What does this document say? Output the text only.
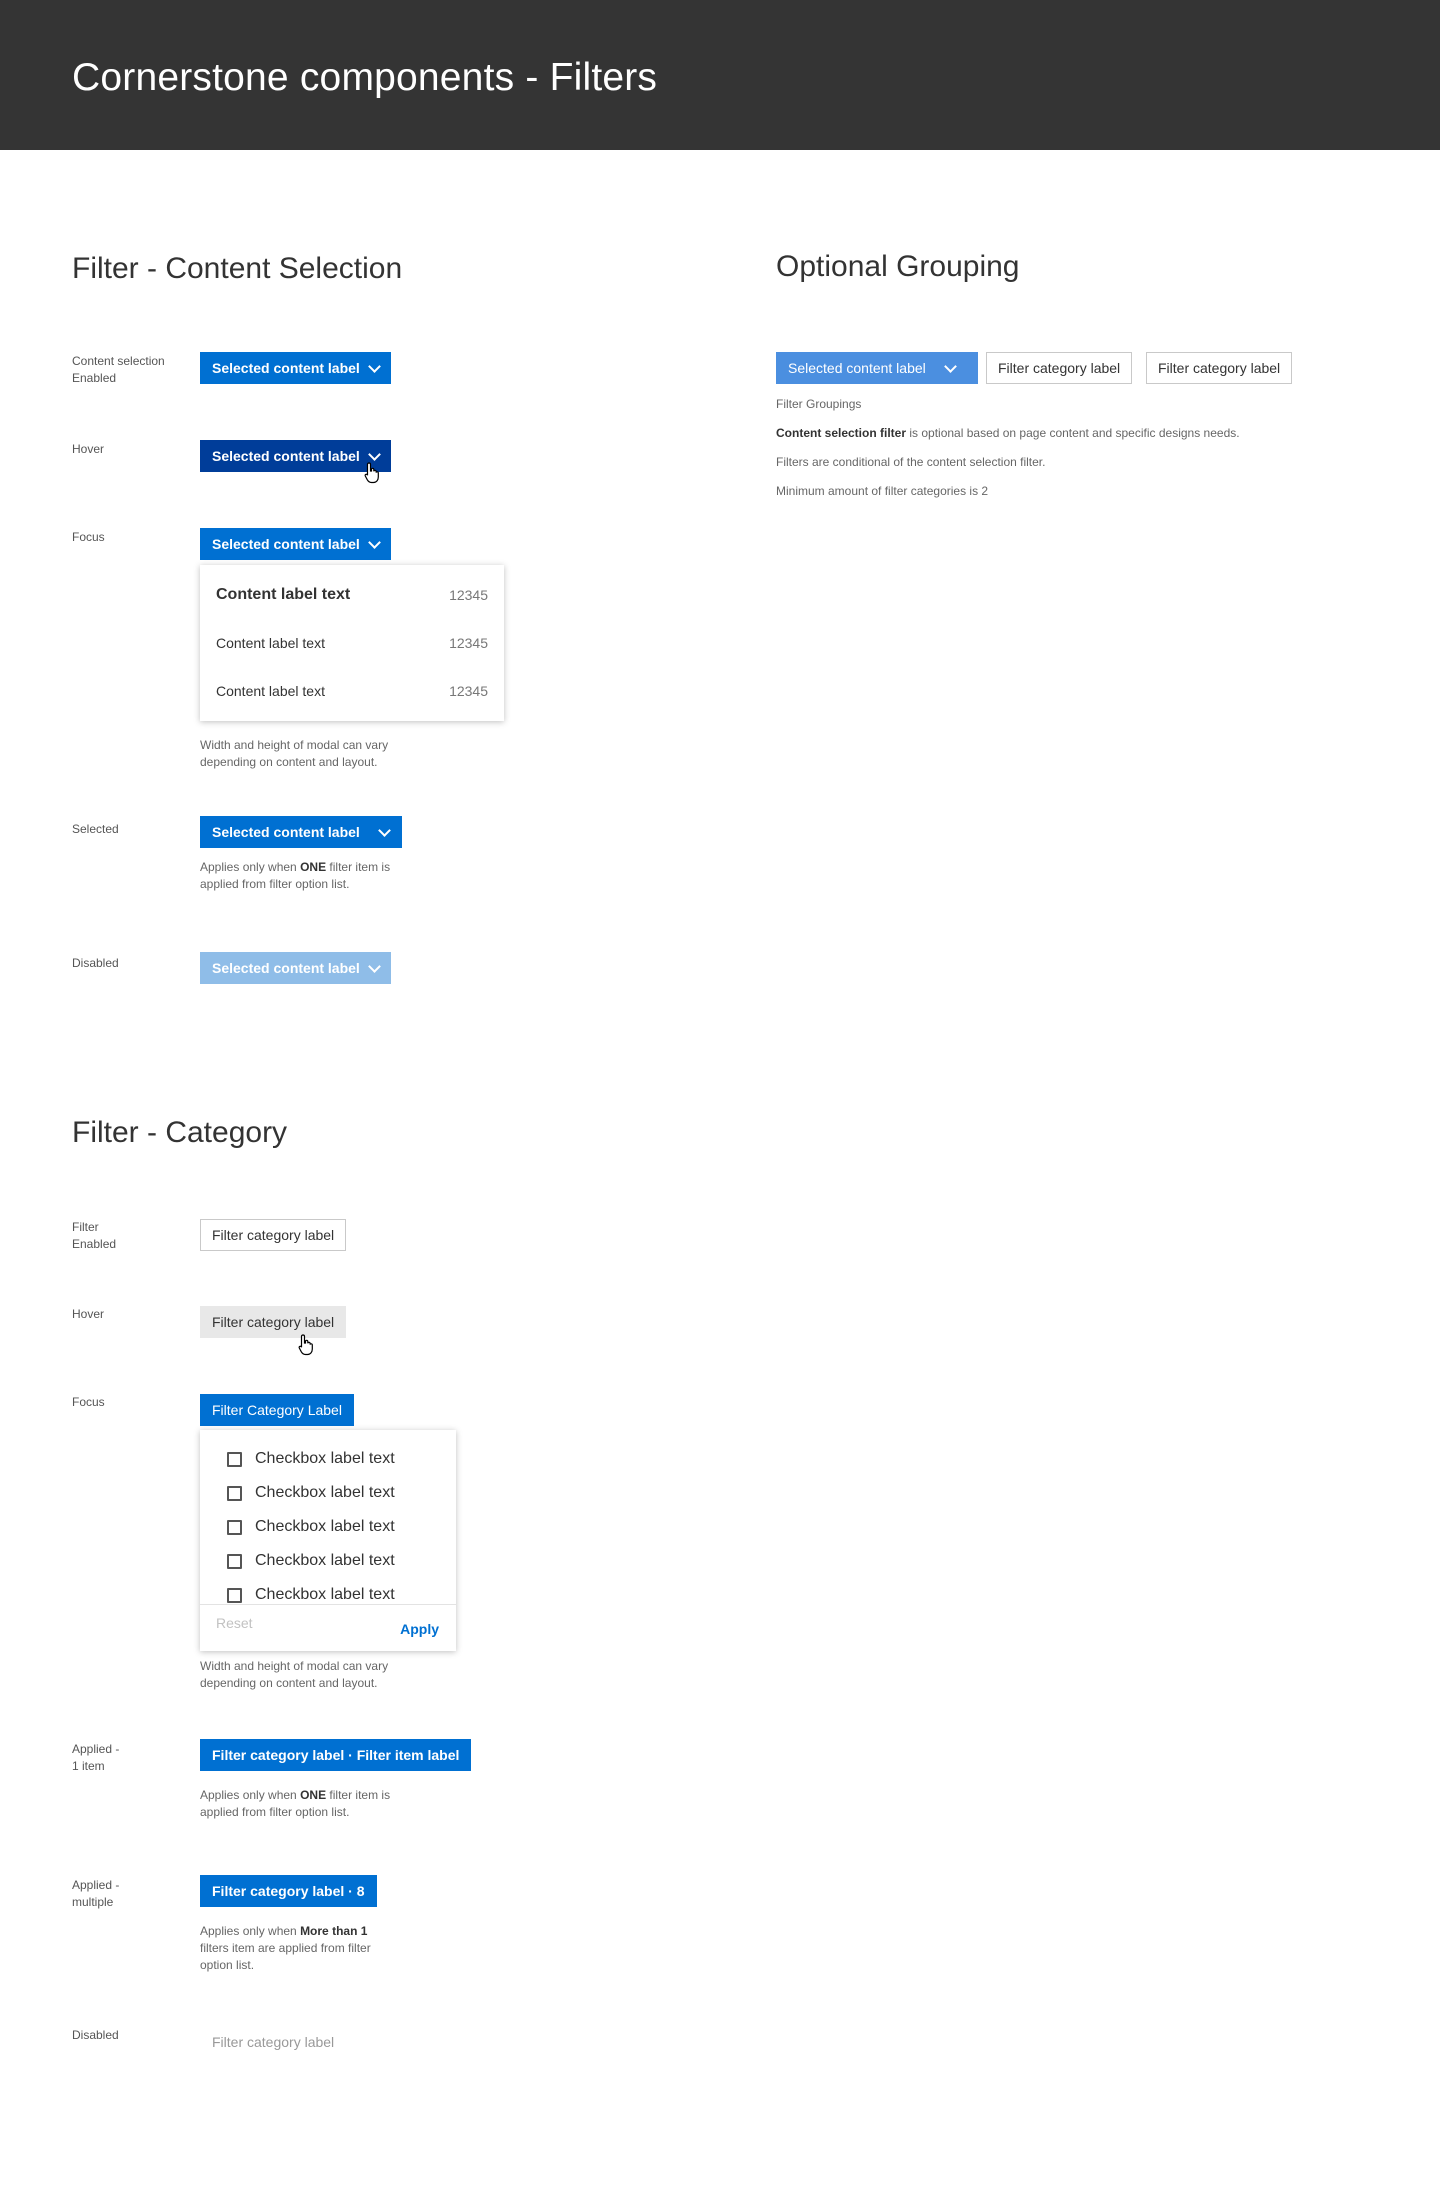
Cornerstone components - Filters
Filter - Content Selection
Content selection
Enabled
Selected content label
Hover	Selected content label
Focus	Selected content label
Content label text	12345
Content label text	12345
Content label text	12345
Width and height of modal can vary
depending on content and layout.
Selected	Selected content label
Applies only when ONE filter item is
applied from filter option list.
Disabled	Selected content label
Optional Grouping
Selected content label	Filter category label	Filter category label
Filter Groupings
Content selection filter is optional based on page content and specific designs needs.
Filters are conditional of the content selection filter.
Minimum amount of filter categories is 2
Filter - Category
Filter
Enabled
Filter category label
Hover	Filter category label
Focus	Filter Category Label
Checkbox label text
Checkbox label text
Checkbox label text
Checkbox label text
Checkbox label text
Reset	Apply
Width and height of modal can vary
depending on content and layout.
Applied -
1 item
Filter category label · Filter item label
Applies only when ONE filter item is
applied from filter option list.
Applied -
multiple
Filter category label · 8
Applies only when More than 1
filters item are applied from filter
option list.
Disabled	Filter category label
